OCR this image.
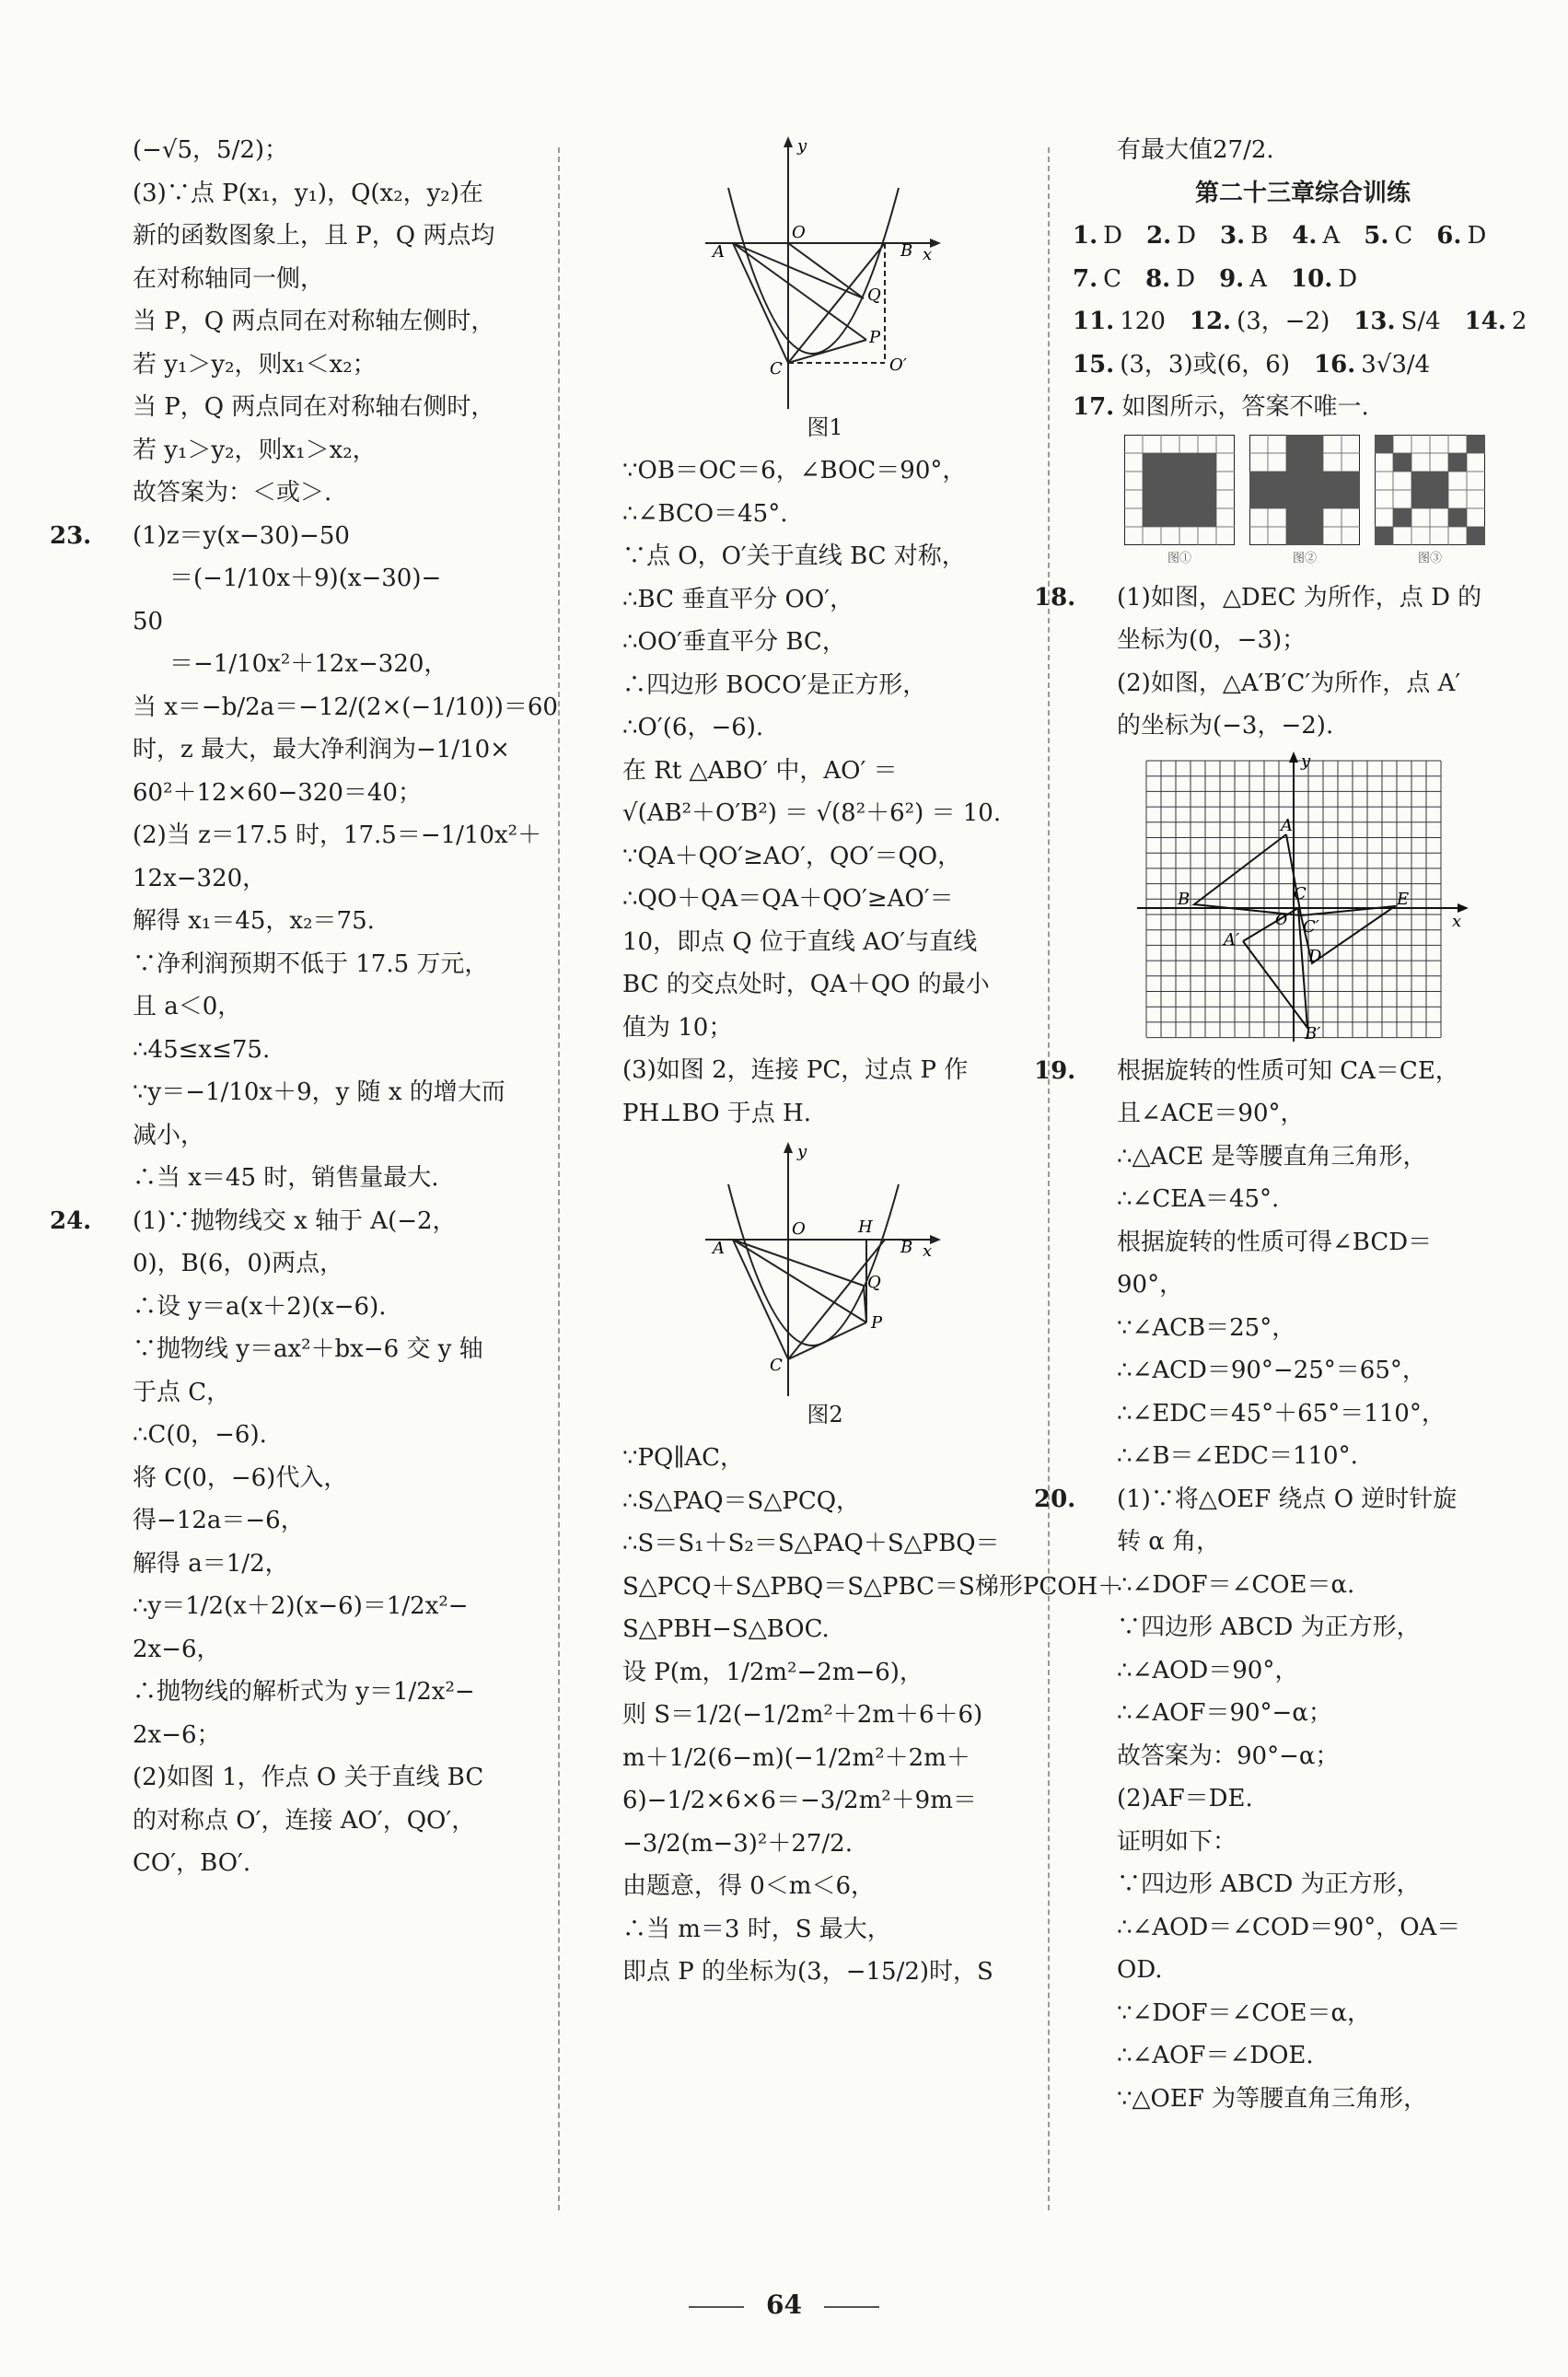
(−√5，5/2)；

(3)∵点 P(x₁，y₁)，Q(x₂，y₂)在

新的函数图象上，且 P，Q 两点均

在对称轴同一侧，

当 P，Q 两点同在对称轴左侧时，

若 y₁＞y₂，则x₁＜x₂；

当 P，Q 两点同在对称轴右侧时，

若 y₁＞y₂，则x₁＞x₂，

故答案为：＜或＞.

23. (1)z＝y(x−30)−50

＝(−1/10x＋9)(x−30)−

50

＝−1/10x²＋12x−320，

当 x＝−b/2a＝−12/(2×(−1/10))＝60

时，z 最大，最大净利润为−1/10×

60²＋12×60−320＝40；

(2)当 z＝17.5 时，17.5＝−1/10x²＋

12x−320，

解得 x₁＝45，x₂＝75.

∵净利润预期不低于 17.5 万元，

且 a＜0，

∴45≤x≤75.

∵y＝−1/10x＋9，y 随 x 的增大而

减小，

∴当 x＝45 时，销售量最大.

24. (1)∵抛物线交 x 轴于 A(−2，

0)，B(6，0)两点，

∴设 y＝a(x＋2)(x−6).

∵抛物线 y＝ax²＋bx−6 交 y 轴

于点 C，

∴C(0，−6).

将 C(0，−6)代入，

得−12a＝−6，

解得 a＝1/2，

∴y＝1/2(x＋2)(x−6)＝1/2x²−

2x−6，

∴抛物线的解析式为 y＝1/2x²−

2x−6；

(2)如图 1，作点 O 关于直线 BC

的对称点 O′，连接 AO′，QO′，

CO′，BO′.

y
x
O
A	B
C
Q
P
O′
图1

∵OB＝OC＝6，∠BOC＝90°，

∴∠BCO＝45°.

∵点 O，O′关于直线 BC 对称，

∴BC 垂直平分 OO′，

∴OO′垂直平分 BC，

∴四边形 BOCO′是正方形，

∴O′(6，−6).

在 Rt △ABO′ 中，AO′ ＝

√(AB²＋O′B²) ＝ √(8²＋6²) ＝ 10.

∵QA＋QO′≥AO′，QO′＝QO，

∴QO＋QA＝QA＋QO′≥AO′＝

10，即点 Q 位于直线 AO′与直线

BC 的交点处时，QA＋QO 的最小

值为 10；

(3)如图 2，连接 PC，过点 P 作

PH⊥BO 于点 H.

y
x
O
A	B
H
C
Q
P
图2

∵PQ∥AC，

∴S△PAQ＝S△PCQ，

∴S＝S₁＋S₂＝S△PAQ＋S△PBQ＝

S△PCQ＋S△PBQ＝S△PBC＝S梯形PCOH＋

S△PBH−S△BOC.

设 P(m，1/2m²−2m−6)，

则 S＝1/2(−1/2m²＋2m＋6＋6)

m＋1/2(6−m)(−1/2m²＋2m＋

6)−1/2×6×6＝−3/2m²＋9m＝

−3/2(m−3)²＋27/2.

由题意，得 0＜m＜6，

∴当 m＝3 时，S 最大，

即点 P 的坐标为(3，−15/2)时，S

有最大值27/2.

第二十三章综合训练

1. D 2. D 3. B 4. A 5. C 6. D
7. C 8. D 9. A 10. D
11. 120 12. (3，−2) 13. S/4 14. 2
15. (3，3)或(6，6) 16. 3√3/4

17. 如图所示，答案不唯一.

图①	图②	图③

18. (1)如图，△DEC 为所作，点 D 的

坐标为(0，−3)；

(2)如图，△A′B′C′为所作，点 A′

的坐标为(−3，−2).

y
x
A
B	C	E
D
A′
B′
C′
O

19. 根据旋转的性质可知 CA＝CE，

且∠ACE＝90°，

∴△ACE 是等腰直角三角形，

∴∠CEA＝45°.

根据旋转的性质可得∠BCD＝

90°，

∵∠ACB＝25°，

∴∠ACD＝90°−25°＝65°，

∴∠EDC＝45°＋65°＝110°，

∴∠B＝∠EDC＝110°.

20. (1)∵将△OEF 绕点 O 逆时针旋

转 α 角，

∴∠DOF＝∠COE＝α.

∵四边形 ABCD 为正方形，

∴∠AOD＝90°，

∴∠AOF＝90°−α；

故答案为：90°−α；

(2)AF＝DE.

证明如下：

∵四边形 ABCD 为正方形，

∴∠AOD＝∠COD＝90°，OA＝

OD.

∵∠DOF＝∠COE＝α，

∴∠AOF＝∠DOE.

∵△OEF 为等腰直角三角形，

64
